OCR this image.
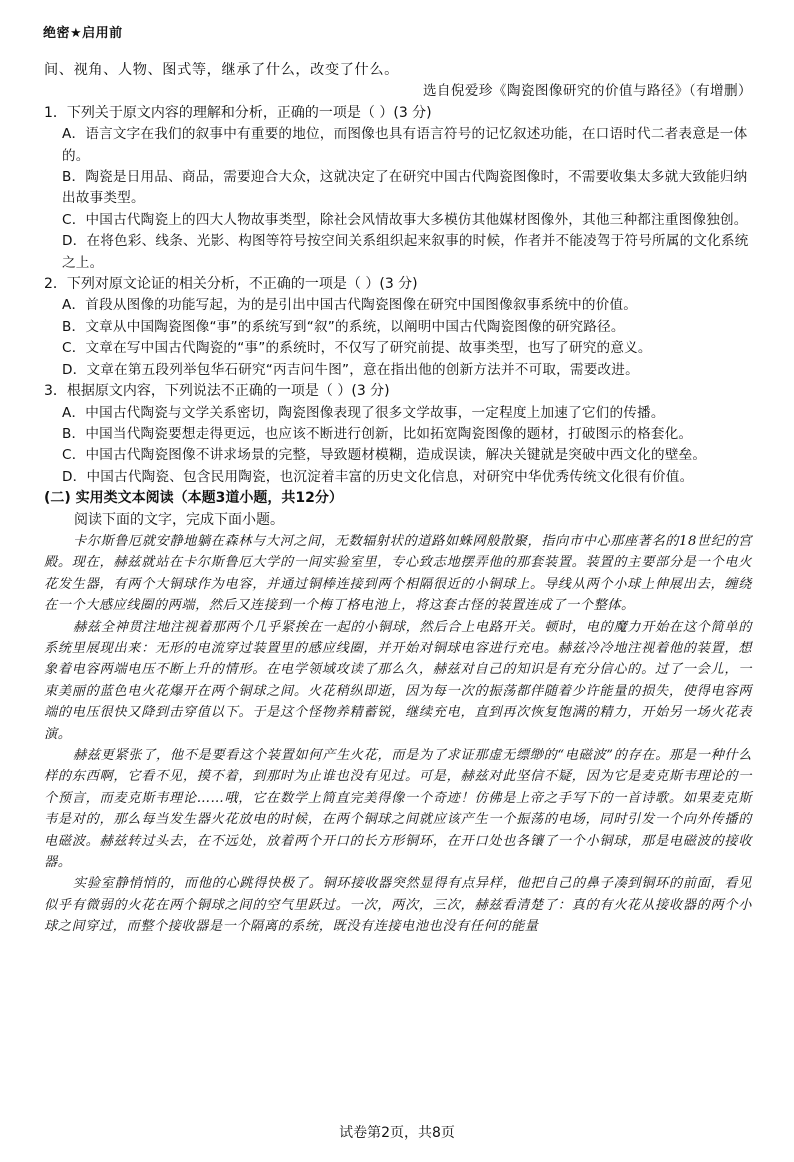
绝密★启用前

间、视角、人物、图式等，继承了什么，改变了什么。

选自倪爱珍《陶瓷图像研究的价值与路径》（有增删）

1．下列关于原文内容的理解和分析，正确的一项是（ ）(3 分)

A．语言文字在我们的叙事中有重要的地位，而图像也具有语言符号的记忆叙述功能，在口语时代二者表意是一体的。

B．陶瓷是日用品、商品，需要迎合大众，这就决定了在研究中国古代陶瓷图像时，不需要收集太多就大致能归纳出故事类型。

C．中国古代陶瓷上的四大人物故事类型，除社会风情故事大多模仿其他媒材图像外，其他三种都注重图像独创。

D．在将色彩、线条、光影、构图等符号按空间关系组织起来叙事的时候，作者并不能凌驾于符号所属的文化系统之上。

2．下列对原文论证的相关分析，不正确的一项是（ ）(3 分)

A．首段从图像的功能写起，为的是引出中国古代陶瓷图像在研究中国图像叙事系统中的价值。

B．文章从中国陶瓷图像“事”的系统写到“叙”的系统，以阐明中国古代陶瓷图像的研究路径。

C．文章在写中国古代陶瓷的“事”的系统时，不仅写了研究前提、故事类型，也写了研究的意义。

D．文章在第五段列举包华石研究“丙吉问牛图”，意在指出他的创新方法并不可取，需要改进。

3．根据原文内容，下列说法不正确的一项是（ ）(3 分)

A．中国古代陶瓷与文学关系密切，陶瓷图像表现了很多文学故事，一定程度上加速了它们的传播。

B．中国当代陶瓷要想走得更远，也应该不断进行创新，比如拓宽陶瓷图像的题材，打破图示的格套化。

C．中国古代陶瓷图像不讲求场景的完整，导致题材模糊，造成误读，解决关键就是突破中西文化的壁垒。

D．中国古代陶瓷、包含民用陶瓷，也沉淀着丰富的历史文化信息，对研究中华优秀传统文化很有价值。

(二) 实用类文本阅读（本题3道小题，共12分）

阅读下面的文字，完成下面小题。

卡尔斯鲁厄就安静地躺在森林与大河之间，无数辐射状的道路如蛛网般散聚，指向市中心那座著名的18世纪的宫殿。现在，赫兹就站在卡尔斯鲁厄大学的一间实验室里，专心致志地摆弄他的那套装置。装置的主要部分是一个电火花发生器，有两个大铜球作为电容，并通过铜棒连接到两个相隔很近的小铜球上。导线从两个小球上伸展出去，缠绕在一个大感应线圈的两端，然后又连接到一个梅丁格电池上，将这套古怪的装置连成了一个整体。

赫兹全神贯注地注视着那两个几乎紧挨在一起的小铜球，然后合上电路开关。顿时，电的魔力开始在这个简单的系统里展现出来：无形的电流穿过装置里的感应线圈，并开始对铜球电容进行充电。赫兹冷冷地注视着他的装置，想象着电容两端电压不断上升的情形。在电学领域攻读了那么久，赫兹对自己的知识是有充分信心的。过了一会儿，一束美丽的蓝色电火花爆开在两个铜球之间。火花稍纵即逝，因为每一次的振荡都伴随着少许能量的损失，使得电容两端的电压很快又降到击穿值以下。于是这个怪物养精蓄锐，继续充电，直到再次恢复饱满的精力，开始另一场火花表演。

赫兹更紧张了，他不是要看这个装置如何产生火花，而是为了求证那虚无缥缈的“电磁波”的存在。那是一种什么样的东西啊，它看不见，摸不着，到那时为止谁也没有见过。可是，赫兹对此坚信不疑，因为它是麦克斯韦理论的一个预言，而麦克斯韦理论……哦，它在数学上简直完美得像一个奇迹！仿佛是上帝之手写下的一首诗歌。如果麦克斯韦是对的，那么每当发生器火花放电的时候，在两个铜球之间就应该产生一个振荡的电场，同时引发一个向外传播的电磁波。赫兹转过头去，在不远处，放着两个开口的长方形铜环，在开口处也各镶了一个小铜球，那是电磁波的接收器。

实验室静悄悄的，而他的心跳得快极了。铜环接收器突然显得有点异样，他把自己的鼻子凑到铜环的前面，看见似乎有微弱的火花在两个铜球之间的空气里跃过。一次，两次，三次，赫兹看清楚了：真的有火花从接收器的两个小球之间穿过，而整个接收器是一个隔离的系统，既没有连接电池也没有任何的能量

试卷第2页，共8页
